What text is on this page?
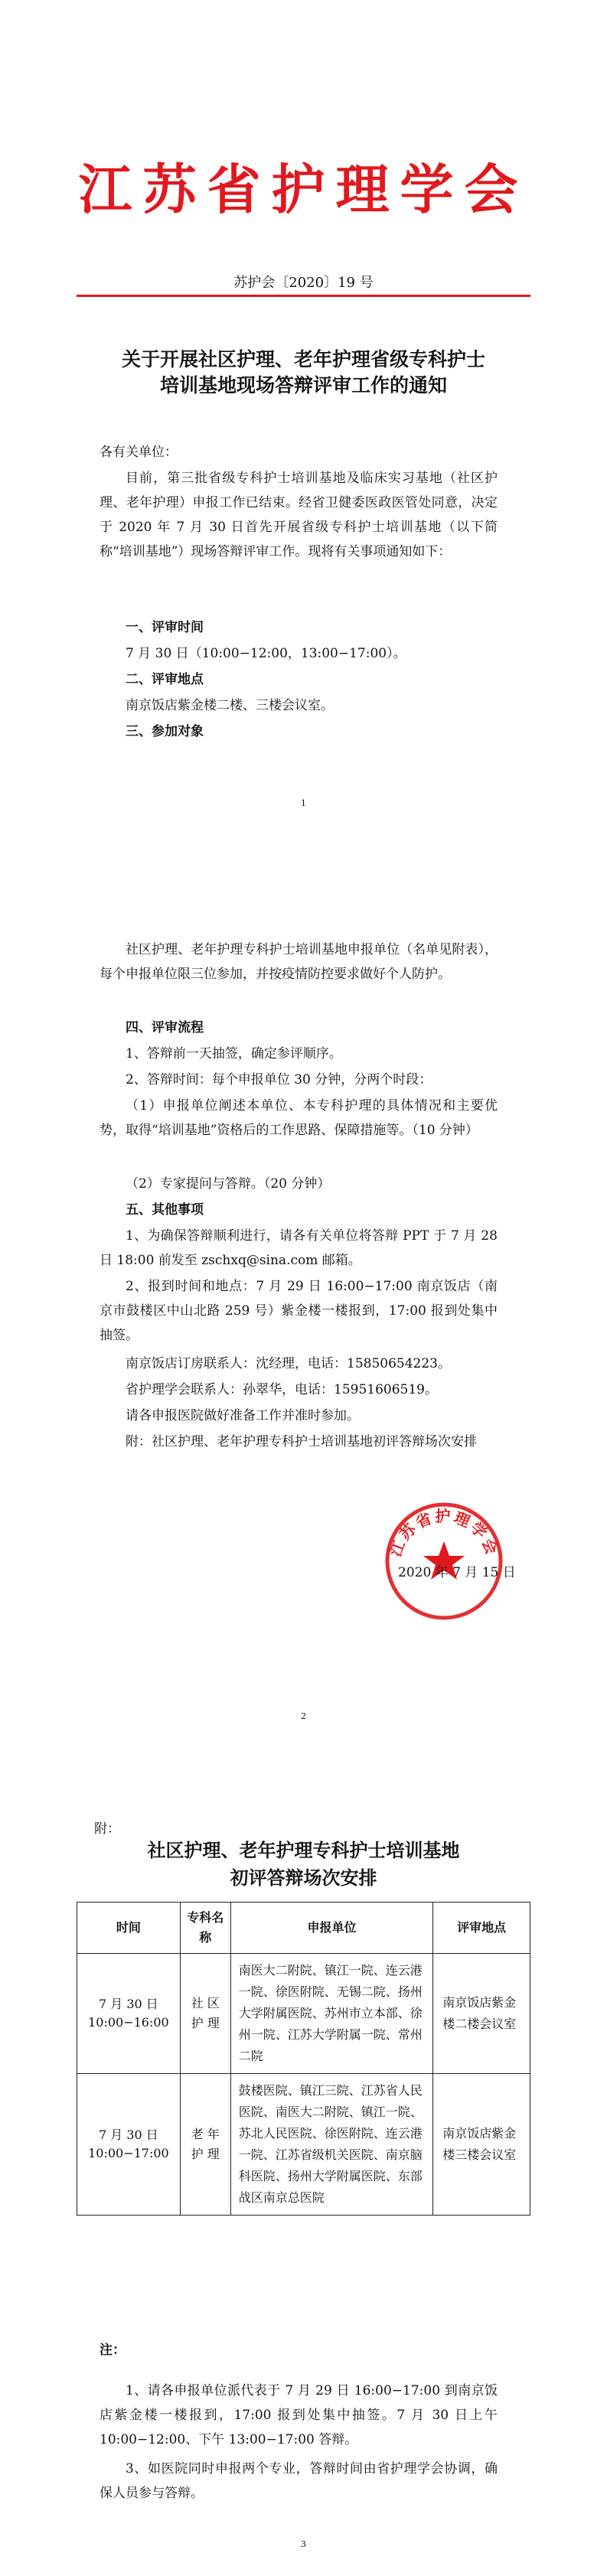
江苏省护理学会
苏护会〔2020〕19 号
关于开展社区护理、老年护理省级专科护士
培训基地现场答辩评审工作的通知
各有关单位：
目前，第三批省级专科护士培训基地及临床实习基地（社区护理、老年护理）申报工作已结束。经省卫健委医政医管处同意，决定于 2020 年 7 月 30 日首先开展省级专科护士培训基地（以下简称“培训基地”）现场答辩评审工作。现将有关事项通知如下：
一、评审时间
7 月 30 日（10:00−12:00，13:00−17:00）。
二、评审地点
南京饭店紫金楼二楼、三楼会议室。
三、参加对象
1
社区护理、老年护理专科护士培训基地申报单位（名单见附表），每个申报单位限三位参加，并按疫情防控要求做好个人防护。
四、评审流程
1、答辩前一天抽签，确定参评顺序。
2、答辩时间：每个申报单位 30 分钟，分两个时段：
（1）申报单位阐述本单位、本专科护理的具体情况和主要优势，取得“培训基地”资格后的工作思路、保障措施等。（10 分钟）
（2）专家提问与答辩。（20 分钟）
五、其他事项
1、为确保答辩顺利进行，请各有关单位将答辩 PPT 于 7 月 28 日 18:00 前发至 zschxq@sina.com 邮箱。
2、报到时间和地点：7 月 29 日 16:00−17:00 南京饭店（南京市鼓楼区中山北路 259 号）紫金楼一楼报到，17:00 报到处集中抽签。
南京饭店订房联系人：沈经理，电话：15850654223。
省护理学会联系人：孙翠华，电话：15951606519。
请各申报医院做好准备工作并准时参加。
附：社区护理、老年护理专科护士培训基地初评答辩场次安排
江苏省护理学会
2020 年 7 月 15 日
2
附：
社区护理、老年护理专科护士培训基地
初评答辩场次安排
时间	专科名称	申报单位	评审地点
7 月 30 日 10:00−16:00	社 区 护 理	南医大二附院、镇江一院、连云港一院、徐医附院、无锡二院、扬州大学附属医院、苏州市立本部、徐州一院、江苏大学附属一院、常州二院	南京饭店紫金楼二楼会议室
7 月 30 日 10:00−17:00	老 年 护 理	鼓楼医院、镇江三院、江苏省人民医院、南医大二附院、镇江一院、苏北人民医院、徐医附院、连云港一院、江苏省级机关医院、南京脑科医院、扬州大学附属医院、东部战区南京总医院	南京饭店紫金楼三楼会议室
注：
1、请各申报单位派代表于 7 月 29 日 16:00−17:00 到南京饭店紫金楼一楼报到，17:00 报到处集中抽签。7 月 30 日上午 10:00−12:00、下午 13:00−17:00 答辩。
3、如医院同时申报两个专业，答辩时间由省护理学会协调，确保人员参与答辩。
3
